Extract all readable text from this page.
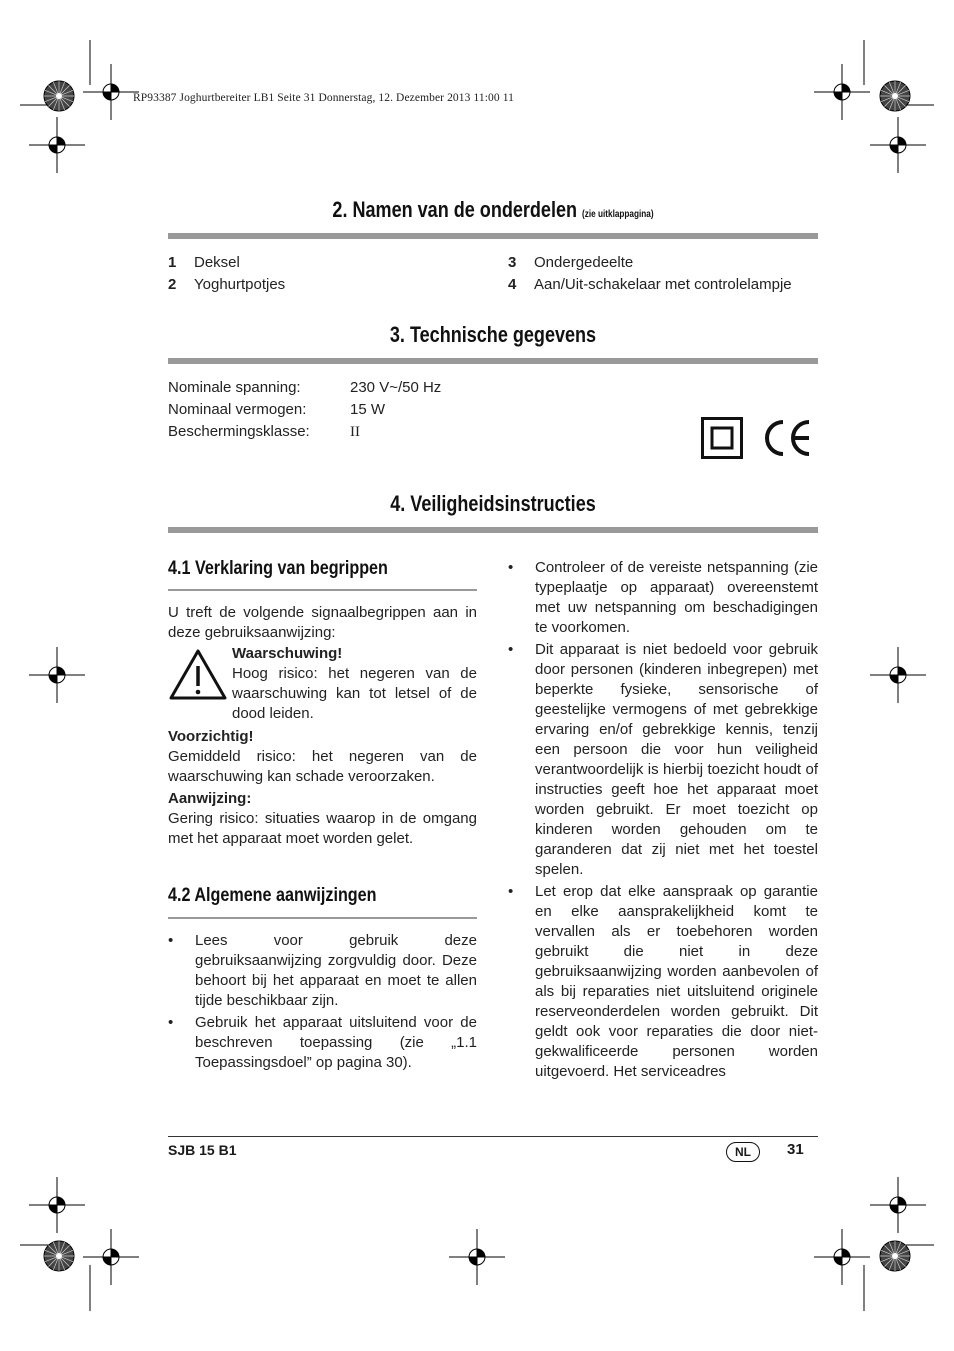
RP93387 Joghurtbereiter LB1 Seite 31 Donnerstag, 12. Dezember 2013 11:00 11
2. Namen van de onderdelen (zie uitklappagina)
1 Deksel
2 Yoghurtpotjes
3 Ondergedeelte
4 Aan/Uit-schakelaar met controlelampje
3. Technische gegevens
Nominale spanning:	230 V~/50 Hz
Nominaal vermogen:	15 W
Beschermingsklasse:	II
4. Veiligheidsinstructies
4.1 Verklaring van begrippen

U treft de volgende signaalbegrippen aan in deze gebruiksaanwijzing:

Waarschuwing!

Hoog risico: het negeren van de waarschuwing kan tot letsel of de dood leiden.

Voorzichtig!

Gemiddeld risico: het negeren van de waarschuwing kan schade veroorzaken.

Aanwijzing:

Gering risico: situaties waarop in de omgang met het apparaat moet worden gelet.

4.2 Algemene aanwijzingen
• Lees voor gebruik deze gebruiksaanwijzing zorgvuldig door. Deze behoort bij het apparaat en moet te allen tijde beschikbaar zijn.
• Gebruik het apparaat uitsluitend voor de beschreven toepassing (zie „1.1 Toepassingsdoel” op pagina 30).
• Controleer of de vereiste netspanning (zie typeplaatje op apparaat) overeenstemt met uw netspanning om beschadigingen te voorkomen.
• Dit apparaat is niet bedoeld voor gebruik door personen (kinderen inbegrepen) met beperkte fysieke, sensorische of geestelijke vermogens of met gebrekkige ervaring en/of gebrekkige kennis, tenzij een persoon die voor hun veiligheid verantwoordelijk is hierbij toezicht houdt of instructies geeft hoe het apparaat moet worden gebruikt. Er moet toezicht op kinderen worden gehouden om te garanderen dat zij niet met het toestel spelen.
• Let erop dat elke aanspraak op garantie en elke aansprakelijkheid komt te vervallen als er toebehoren worden gebruikt die niet in deze gebruiksaanwijzing worden aanbevolen of als bij reparaties niet uitsluitend originele reserveonderdelen worden gebruikt. Dit geldt ook voor reparaties die door niet-gekwalificeerde personen worden uitgevoerd. Het serviceadres
SJB 15 B1	NL	31
